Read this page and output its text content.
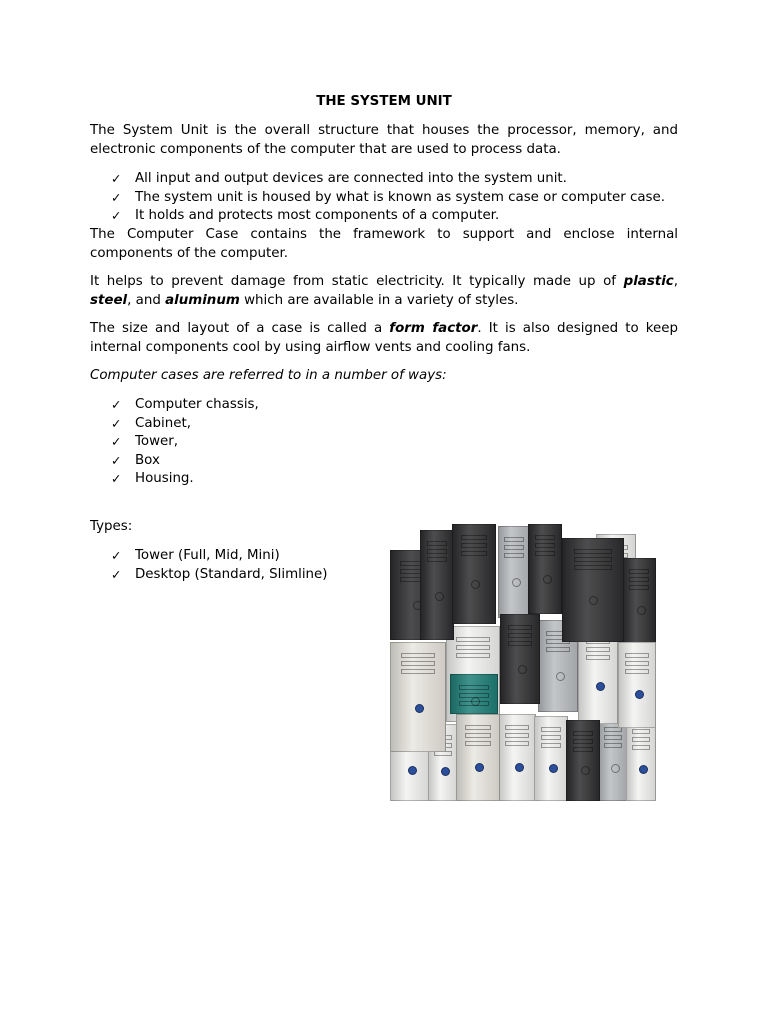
THE SYSTEM UNIT

The System Unit is the overall structure that houses the processor, memory, and electronic components of the computer that are used to process data.

✓ All input and output devices are connected into the system unit.
✓ The system unit is housed by what is known as system case or computer case.
✓ It holds and protects most components of a computer.

The Computer Case contains the framework to support and enclose internal components of the computer.

It helps to prevent damage from static electricity. It typically made up of plastic, steel, and aluminum which are available in a variety of styles.

The size and layout of a case is called a form factor. It is also designed to keep internal components cool by using airflow vents and cooling fans.

Computer cases are referred to in a number of ways:

✓ Computer chassis,
✓ Cabinet,
✓ Tower,
✓ Box
✓ Housing.

Types:

✓ Tower (Full, Mid, Mini)
✓ Desktop (Standard, Slimline)
